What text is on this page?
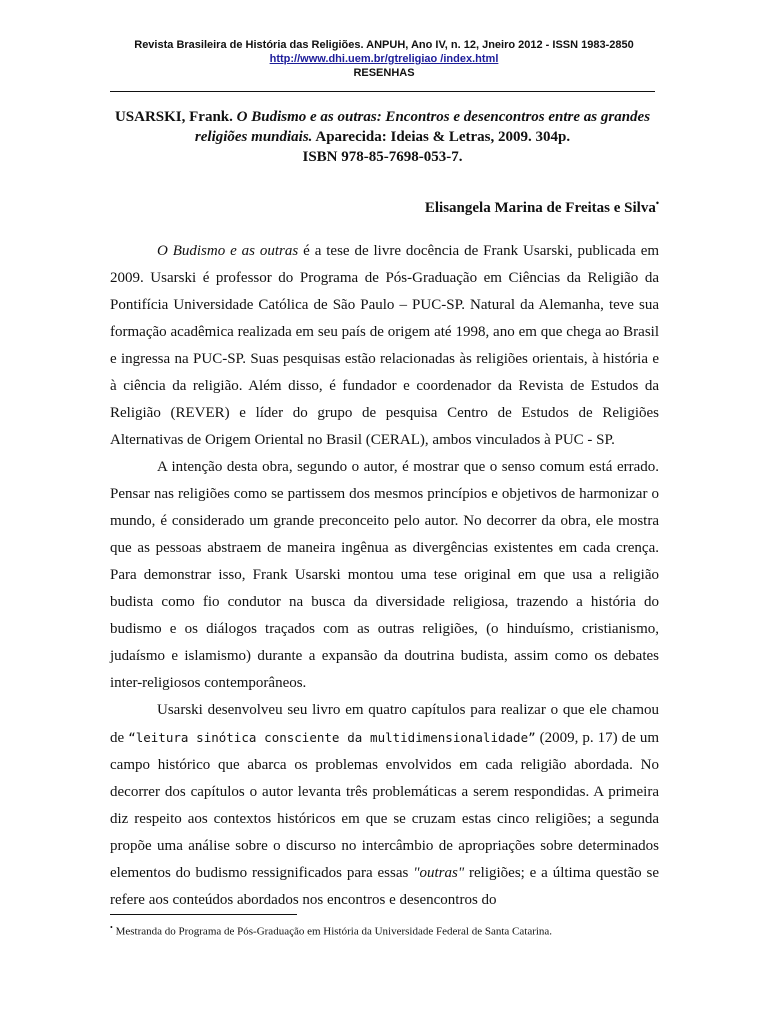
Revista Brasileira de História das Religiões. ANPUH, Ano IV, n. 12, Jneiro 2012 - ISSN 1983-2850
http://www.dhi.uem.br/gtreligiao /index.html
RESENHAS
USARSKI, Frank. O Budismo e as outras: Encontros e desencontros entre as grandes religiões mundiais. Aparecida: Ideias & Letras, 2009. 304p.
ISBN 978-85-7698-053-7.
Elisangela Marina de Freitas e Silva•

O Budismo e as outras é a tese de livre docência de Frank Usarski, publicada em 2009. Usarski é professor do Programa de Pós-Graduação em Ciências da Religião da Pontifícia Universidade Católica de São Paulo – PUC-SP. Natural da Alemanha, teve sua formação acadêmica realizada em seu país de origem até 1998, ano em que chega ao Brasil e ingressa na PUC-SP. Suas pesquisas estão relacionadas às religiões orientais, à história e à ciência da religião. Além disso, é fundador e coordenador da Revista de Estudos da Religião (REVER) e líder do grupo de pesquisa Centro de Estudos de Religiões Alternativas de Origem Oriental no Brasil (CERAL), ambos vinculados à PUC - SP.

A intenção desta obra, segundo o autor, é mostrar que o senso comum está errado. Pensar nas religiões como se partissem dos mesmos princípios e objetivos de harmonizar o mundo, é considerado um grande preconceito pelo autor. No decorrer da obra, ele mostra que as pessoas abstraem de maneira ingênua as divergências existentes em cada crença. Para demonstrar isso, Frank Usarski montou uma tese original em que usa a religião budista como fio condutor na busca da diversidade religiosa, trazendo a história do budismo e os diálogos traçados com as outras religiões, (o hinduísmo, cristianismo, judaísmo e islamismo) durante a expansão da doutrina budista, assim como os debates inter-religiosos contemporâneos.

Usarski desenvolveu seu livro em quatro capítulos para realizar o que ele chamou de “leitura sinótica consciente da multidimensionalidade” (2009, p. 17) de um campo histórico que abarca os problemas envolvidos em cada religião abordada. No decorrer dos capítulos o autor levanta três problemáticas a serem respondidas. A primeira diz respeito aos contextos históricos em que se cruzam estas cinco religiões; a segunda propõe uma análise sobre o discurso no intercâmbio de apropriações sobre determinados elementos do budismo ressignificados para essas "outras" religiões; e a última questão se refere aos conteúdos abordados nos encontros e desencontros do

• Mestranda do Programa de Pós-Graduação em História da Universidade Federal de Santa Catarina.
